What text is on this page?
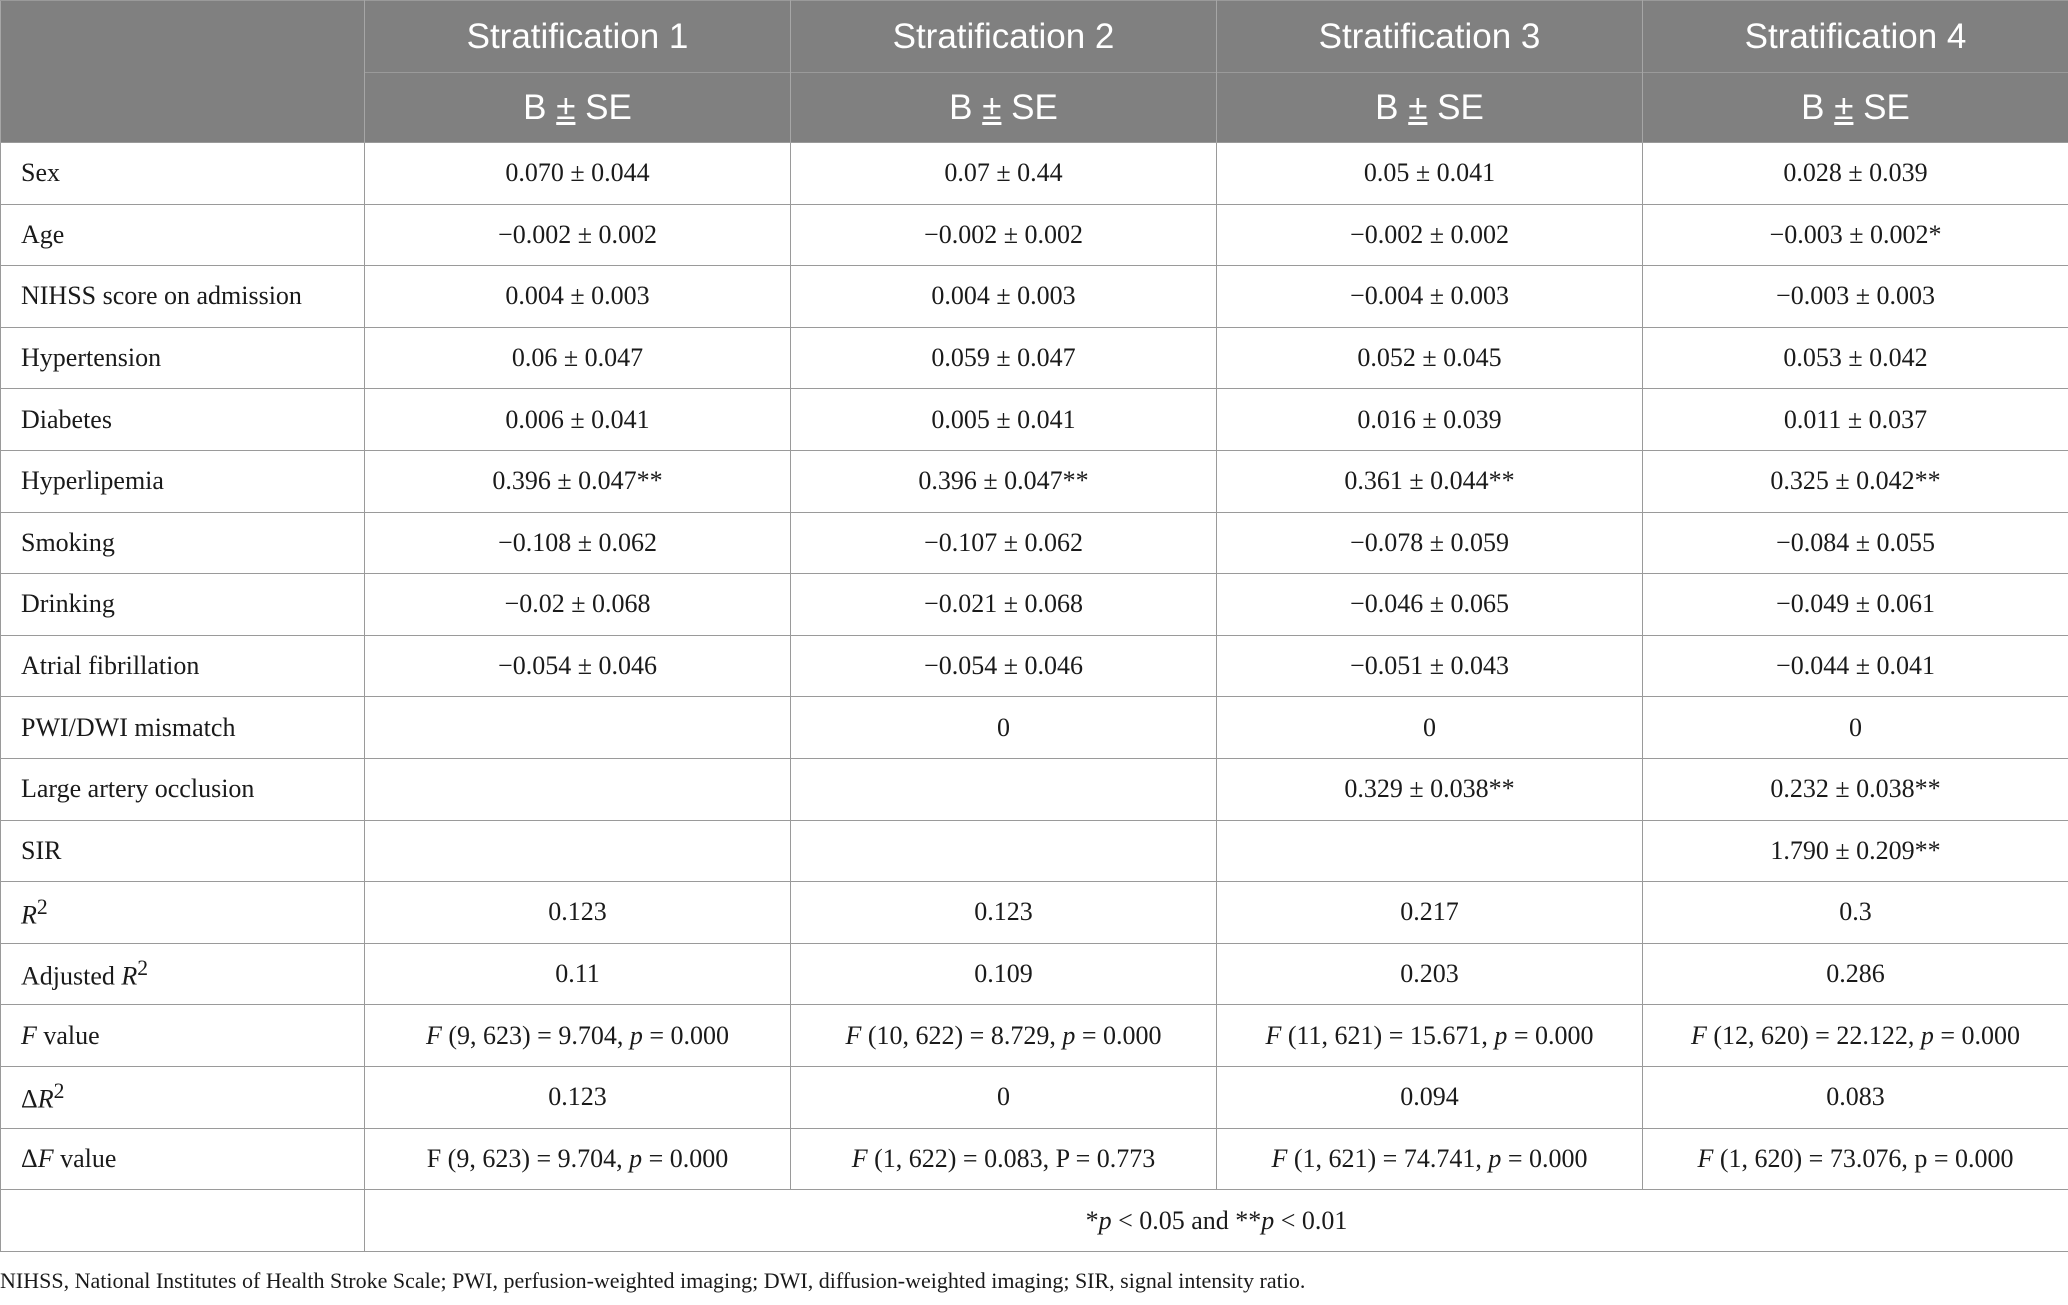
	Stratification 1	Stratification 2	Stratification 3	Stratification 4
	B ± SE	B ± SE	B ± SE	B ± SE
Sex	0.070 ± 0.044	0.07 ± 0.44	0.05 ± 0.041	0.028 ± 0.039
Age	−0.002 ± 0.002	−0.002 ± 0.002	−0.002 ± 0.002	−0.003 ± 0.002*
NIHSS score on admission	0.004 ± 0.003	0.004 ± 0.003	−0.004 ± 0.003	−0.003 ± 0.003
Hypertension	0.06 ± 0.047	0.059 ± 0.047	0.052 ± 0.045	0.053 ± 0.042
Diabetes	0.006 ± 0.041	0.005 ± 0.041	0.016 ± 0.039	0.011 ± 0.037
Hyperlipemia	0.396 ± 0.047**	0.396 ± 0.047**	0.361 ± 0.044**	0.325 ± 0.042**
Smoking	−0.108 ± 0.062	−0.107 ± 0.062	−0.078 ± 0.059	−0.084 ± 0.055
Drinking	−0.02 ± 0.068	−0.021 ± 0.068	−0.046 ± 0.065	−0.049 ± 0.061
Atrial fibrillation	−0.054 ± 0.046	−0.054 ± 0.046	−0.051 ± 0.043	−0.044 ± 0.041
PWI/DWI mismatch		0	0	0
Large artery occlusion			0.329 ± 0.038**	0.232 ± 0.038**
SIR				1.790 ± 0.209**
$R^2$	0.123	0.123	0.217	0.3
Adjusted $R^2$	0.11	0.109	0.203	0.286
F value	F (9, 623) = 9.704, p = 0.000	F (10, 622) = 8.729, p = 0.000	F (11, 621) = 15.671, p = 0.000	F (12, 620) = 22.122, p = 0.000
$\Delta R^2$	0.123	0	0.094	0.083
ΔF value	F (9, 623) = 9.704, p = 0.000	F (1, 622) = 0.083, P = 0.773	F (1, 621) = 74.741, p = 0.000	F (1, 620) = 73.076, p = 0.000
	*p < 0.05 and **p < 0.01			
NIHSS, National Institutes of Health Stroke Scale; PWI, perfusion-weighted imaging; DWI, diffusion-weighted imaging; SIR, signal intensity ratio.
